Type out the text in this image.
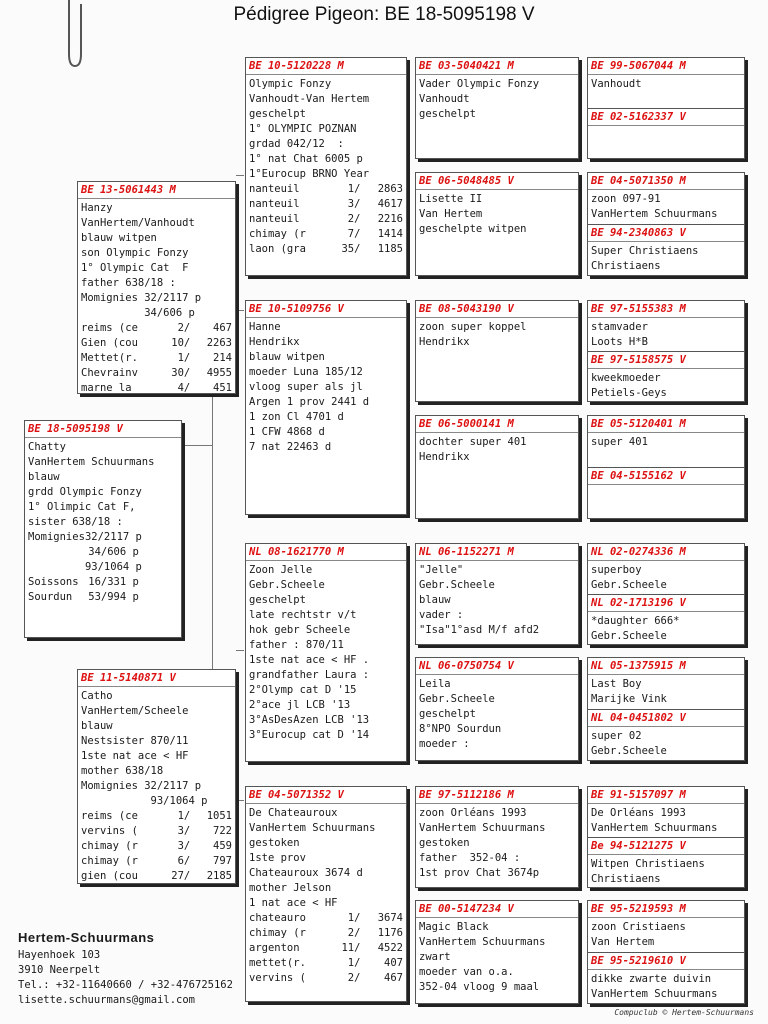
Pédigree Pigeon: BE 18-5095198 V
BE 18-5095198 V
Chatty
VanHertem Schuurmans
blauw
grdd Olympic Fonzy
1° Olimpic Cat F,
sister 638/18 :
Momignies 32/2117 p
34/606 p
93/1064 p
Soissons 16/331 p
Sourdun	53/994 p
BE 13-5061443 M
Hanzy
VanHertem/Vanhoudt
blauw witpen
son Olympic Fonzy
1° Olympic Cat  F
father 638/18 :
Momignies 32/2117 p
34/606 p
reims (ce	2/	467
Gien (cou	10/	2263
Mettet(r.	1/	214
Chevrainv	30/	4955
marne la	4/	451
BE 11-5140871 V
Catho
VanHertem/Scheele
blauw
Nestsister 870/11
1ste nat ace < HF
mother 638/18
Momignies 32/2117 p
93/1064 p
reims (ce	1/	1051
vervins (	3/	722
chimay (r	3/	459
chimay (r	6/	797
gien (cou	27/	2185
BE 10-5120228 M
Olympic Fonzy
Vanhoudt-Van Hertem
geschelpt
1° OLYMPIC POZNAN
grdad 042/12  :
1° nat Chat 6005 p
1°Eurocup BRNO Year
nanteuil	1/	2863
nanteuil	3/	4617
nanteuil	2/	2216
chimay (r	7/	1414
laon (gra	35/	1185
BE 10-5109756 V
Hanne
Hendrikx
blauw witpen
moeder Luna 185/12
vloog super als jl
Argen 1 prov 2441 d
1 zon Cl 4701 d
1 CFW 4868 d
7 nat 22463 d
NL 08-1621770 M
Zoon Jelle
Gebr.Scheele
geschelpt
late rechtstr v/t
hok gebr Scheele
father : 870/11
1ste nat ace < HF .
grandfather Laura :
2°Olymp cat D '15
2°ace jl LCB '13
3°AsDesAzen LCB '13
3°Eurocup cat D '14
BE 04-5071352 V
De Chateauroux
VanHertem Schuurmans
gestoken
1ste prov
Chateauroux 3674 d
mother Jelson
1 nat ace < HF
chateauro	1/	3674
chimay (r	2/	1176
argenton	11/	4522
mettet(r.	1/	407
vervins (	2/	467
BE 03-5040421 M
Vader Olympic Fonzy
Vanhoudt
geschelpt
BE 06-5048485 V
Lisette II
Van Hertem
geschelpte witpen
BE 08-5043190 V
zoon super koppel
Hendrikx
BE 06-5000141 M
dochter super 401
Hendrikx
NL 06-1152271 M
"Jelle"
Gebr.Scheele
blauw
vader :
"Isa"1°asd M/f afd2
NL 06-0750754 V
Leila
Gebr.Scheele
geschelpt
8°NPO Sourdun
moeder :
BE 97-5112186 M
zoon Orléans 1993
VanHertem Schuurmans
gestoken
father  352-04 :
1st prov Chat 3674p
BE 00-5147234 V
Magic Black
VanHertem Schuurmans
zwart
moeder van o.a.
352-04 vloog 9 maal
BE 99-5067044 M
Vanhoudt
BE 02-5162337 V
BE 04-5071350 M
zoon 097-91
VanHertem Schuurmans
BE 94-2340863 V
Super Christiaens
Christiaens
BE 97-5155383 M
stamvader
Loots H*B
BE 97-5158575 V
kweekmoeder
Petiels-Geys
BE 05-5120401 M
super 401
BE 04-5155162 V
NL 02-0274336 M
superboy
Gebr.Scheele
NL 02-1713196 V
*daughter 666*
Gebr.Scheele
NL 05-1375915 M
Last Boy
Marijke Vink
NL 04-0451802 V
super 02
Gebr.Scheele
BE 91-5157097 M
De Orléans 1993
VanHertem Schuurmans
Be 94-5121275 V
Witpen Christiaens
Christiaens
BE 95-5219593 M
zoon Cristiaens
Van Hertem
BE 95-5219610 V
dikke zwarte duivin
VanHertem Schuurmans
Hertem-Schuurmans
Hayenhoek 103
3910 Neerpelt
Tel.: +32-11640660 / +32-476725162
lisette.schuurmans@gmail.com
Compuclub © Hertem-Schuurmans
